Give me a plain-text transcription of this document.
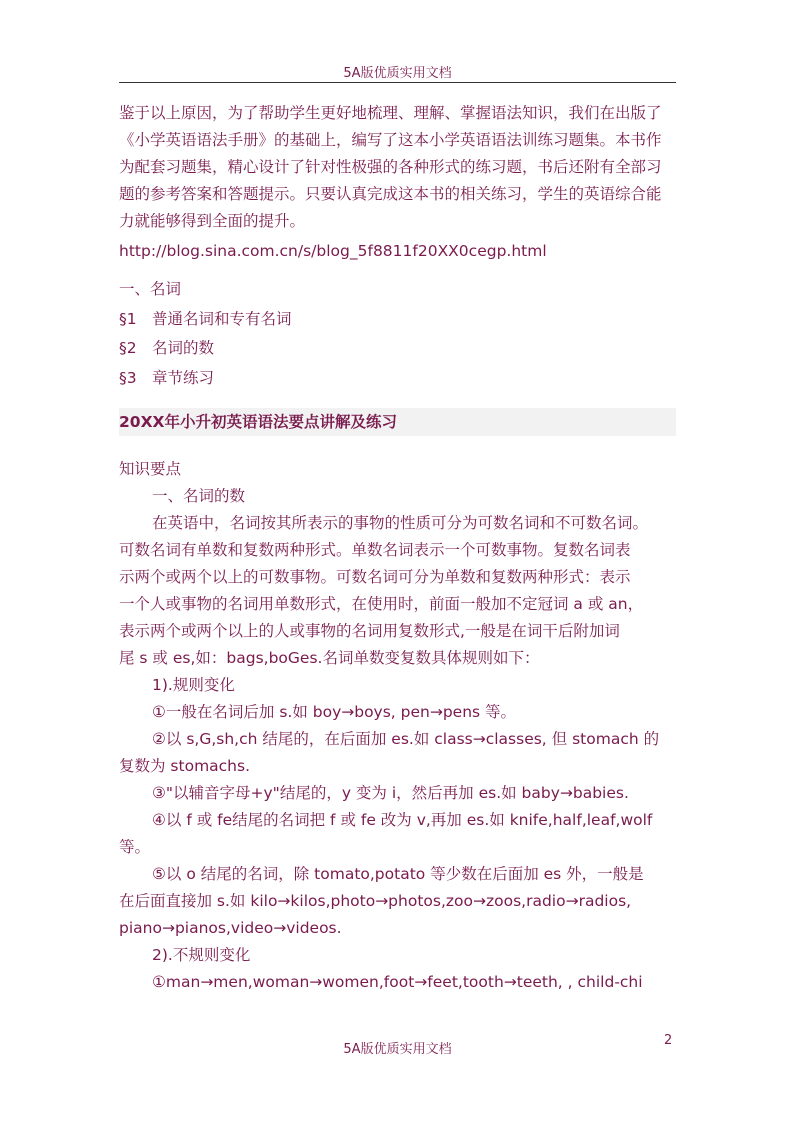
5A版优质实用文档
鉴于以上原因，为了帮助学生更好地梳理、理解、掌握语法知识，我们在出版了
《小学英语语法手册》的基础上，编写了这本小学英语语法训练习题集。本书作
为配套习题集，精心设计了针对性极强的各种形式的练习题，书后还附有全部习
题的参考答案和答题提示。只要认真完成这本书的相关练习，学生的英语综合能
力就能够得到全面的提升。
http://blog.sina.com.cn/s/blog_5f8811f20XX0cegp.html
一、名词
§1 普通名词和专有名词
§2 名词的数
§3 章节练习
20XX年小升初英语语法要点讲解及练习
知识要点
一、名词的数
在英语中，名词按其所表示的事物的性质可分为可数名词和不可数名词。
可数名词有单数和复数两种形式。单数名词表示一个可数事物。复数名词表
示两个或两个以上的可数事物。可数名词可分为单数和复数两种形式：表示
一个人或事物的名词用单数形式，在使用时，前面一般加不定冠词 a 或 an，
表示两个或两个以上的人或事物的名词用复数形式,一般是在词干后附加词
尾 s 或 es,如：bags,boGes.名词单数变复数具体规则如下：
1).规则变化
①一般在名词后加 s.如 boy→boys, pen→pens 等。
②以 s,G,sh,ch 结尾的，在后面加 es.如 class→classes, 但 stomach 的
复数为 stomachs.
③"以辅音字母+y"结尾的，y 变为 i，然后再加 es.如 baby→babies.
④以 f 或 fe结尾的名词把 f 或 fe 改为 v,再加 es.如 knife,half,leaf,wolf
等。
⑤以 o 结尾的名词，除 tomato,potato 等少数在后面加 es 外，一般是
在后面直接加 s.如 kilo→kilos,photo→photos,zoo→zoos,radio→radios,
piano→pianos,video→videos.
2).不规则变化
①man→men,woman→women,foot→feet,tooth→teeth, , child-chi
5A版优质实用文档
2
